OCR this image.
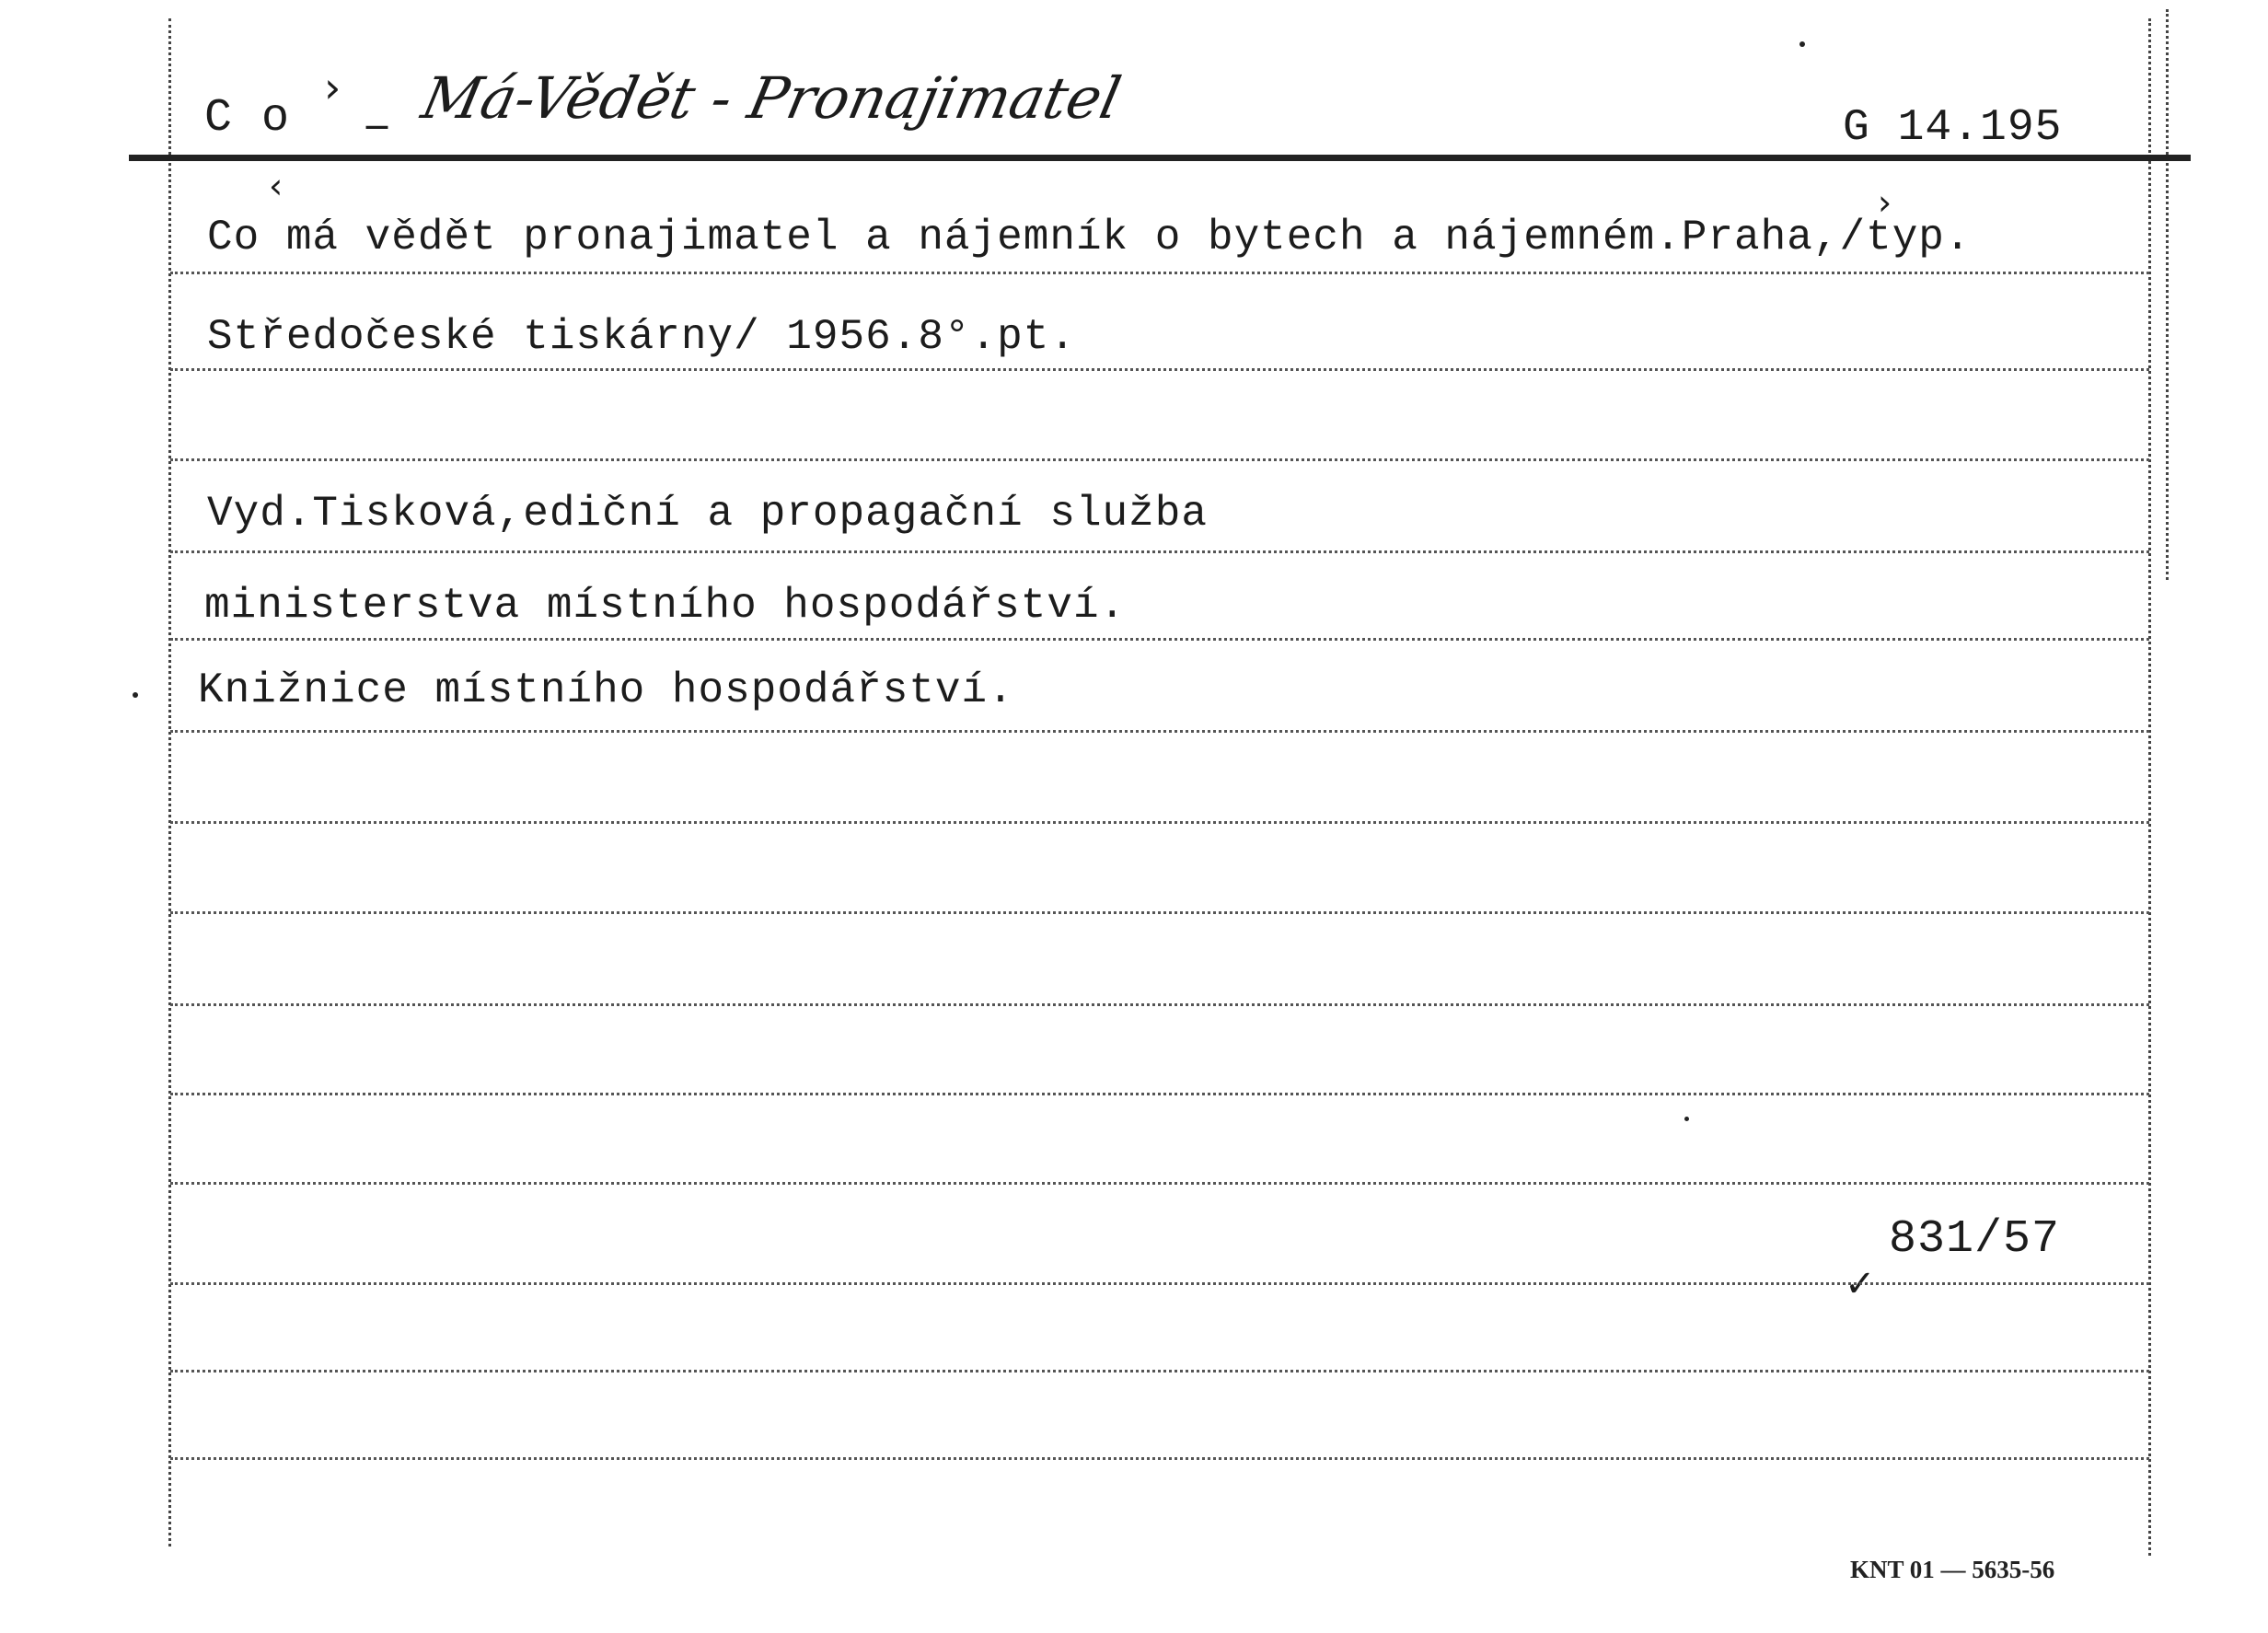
C o
› _ Má-Vědět - Pronajimatel	G 14.195
‹
Co má vědět pronajimatel a nájemník o bytech a nájemném.Praha,/typ.
›
Středočeské tiskárny/ 1956.8°.pt.
Vyd.Tisková,ediční a propagační služba
ministerstva místního hospodářství.
Knižnice místního hospodářství.
831/57
✓
KNT 01 — 5635-56
